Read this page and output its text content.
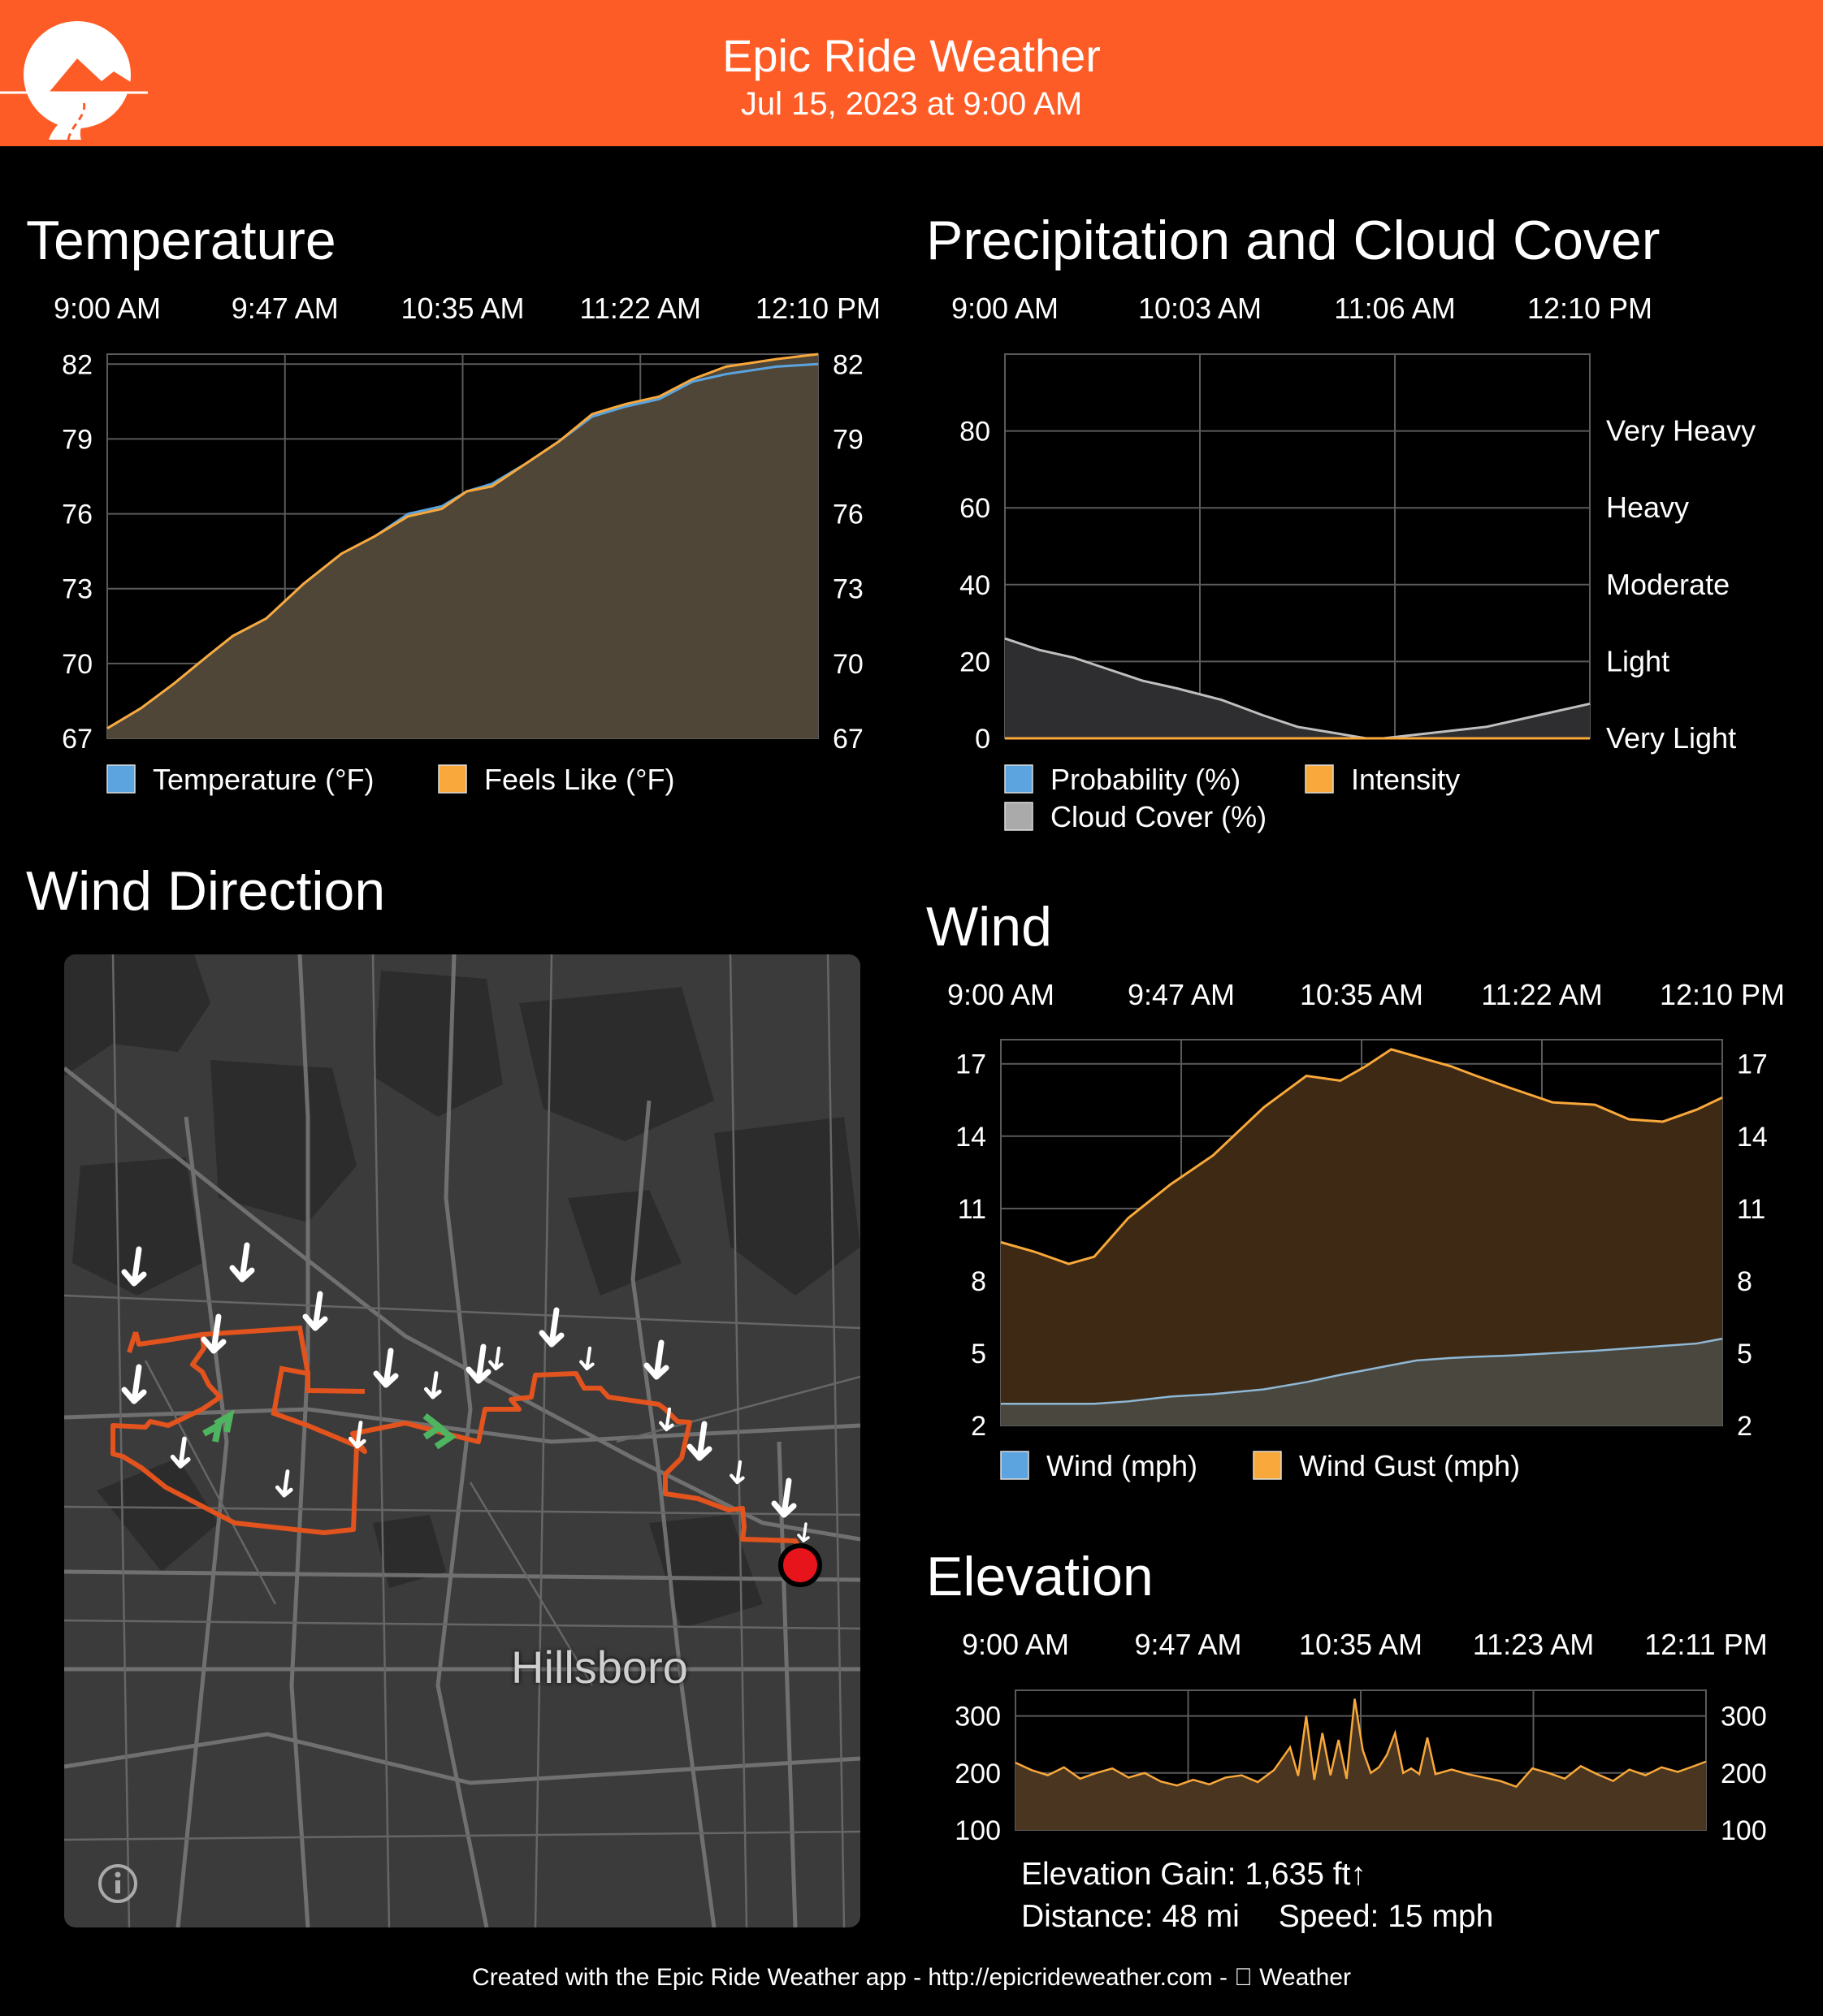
Epic Ride Weather
Jul 15, 2023 at 9:00 AM
Temperature	Precipitation and Cloud Cover
Wind Direction
Wind
Elevation
9:00 AM 9:47 AM 10:35 AM 11:22 AM 12:10 PM
82	82
79	79
76	76
73	73
70	70
67	67
Temperature (°F)	Feels Like (°F)
9:00 AM	10:03 AM 11:06 AM 12:10 PM
80
60
40
20
0
Very Heavy
Heavy
Moderate
Light
Very Light
Probability (%)	Intensity
Cloud Cover (%)
9:00 AM 9:47 AM 10:35 AM 11:22 AM 12:10 PM
17	17
14	14
11	11
8	8
5	5
2	2
Wind (mph)	Wind Gust (mph)
9:00 AM 9:47 AM 10:35 AM 11:23 AM 12:11 PM
300	300
200	200
100	100
Elevation Gain: 1,635 ft↑
Distance: 48 mi Speed: 15 mph
Hillsboro
Created with the Epic Ride Weather app - http://epicrideweather.com - Weather
